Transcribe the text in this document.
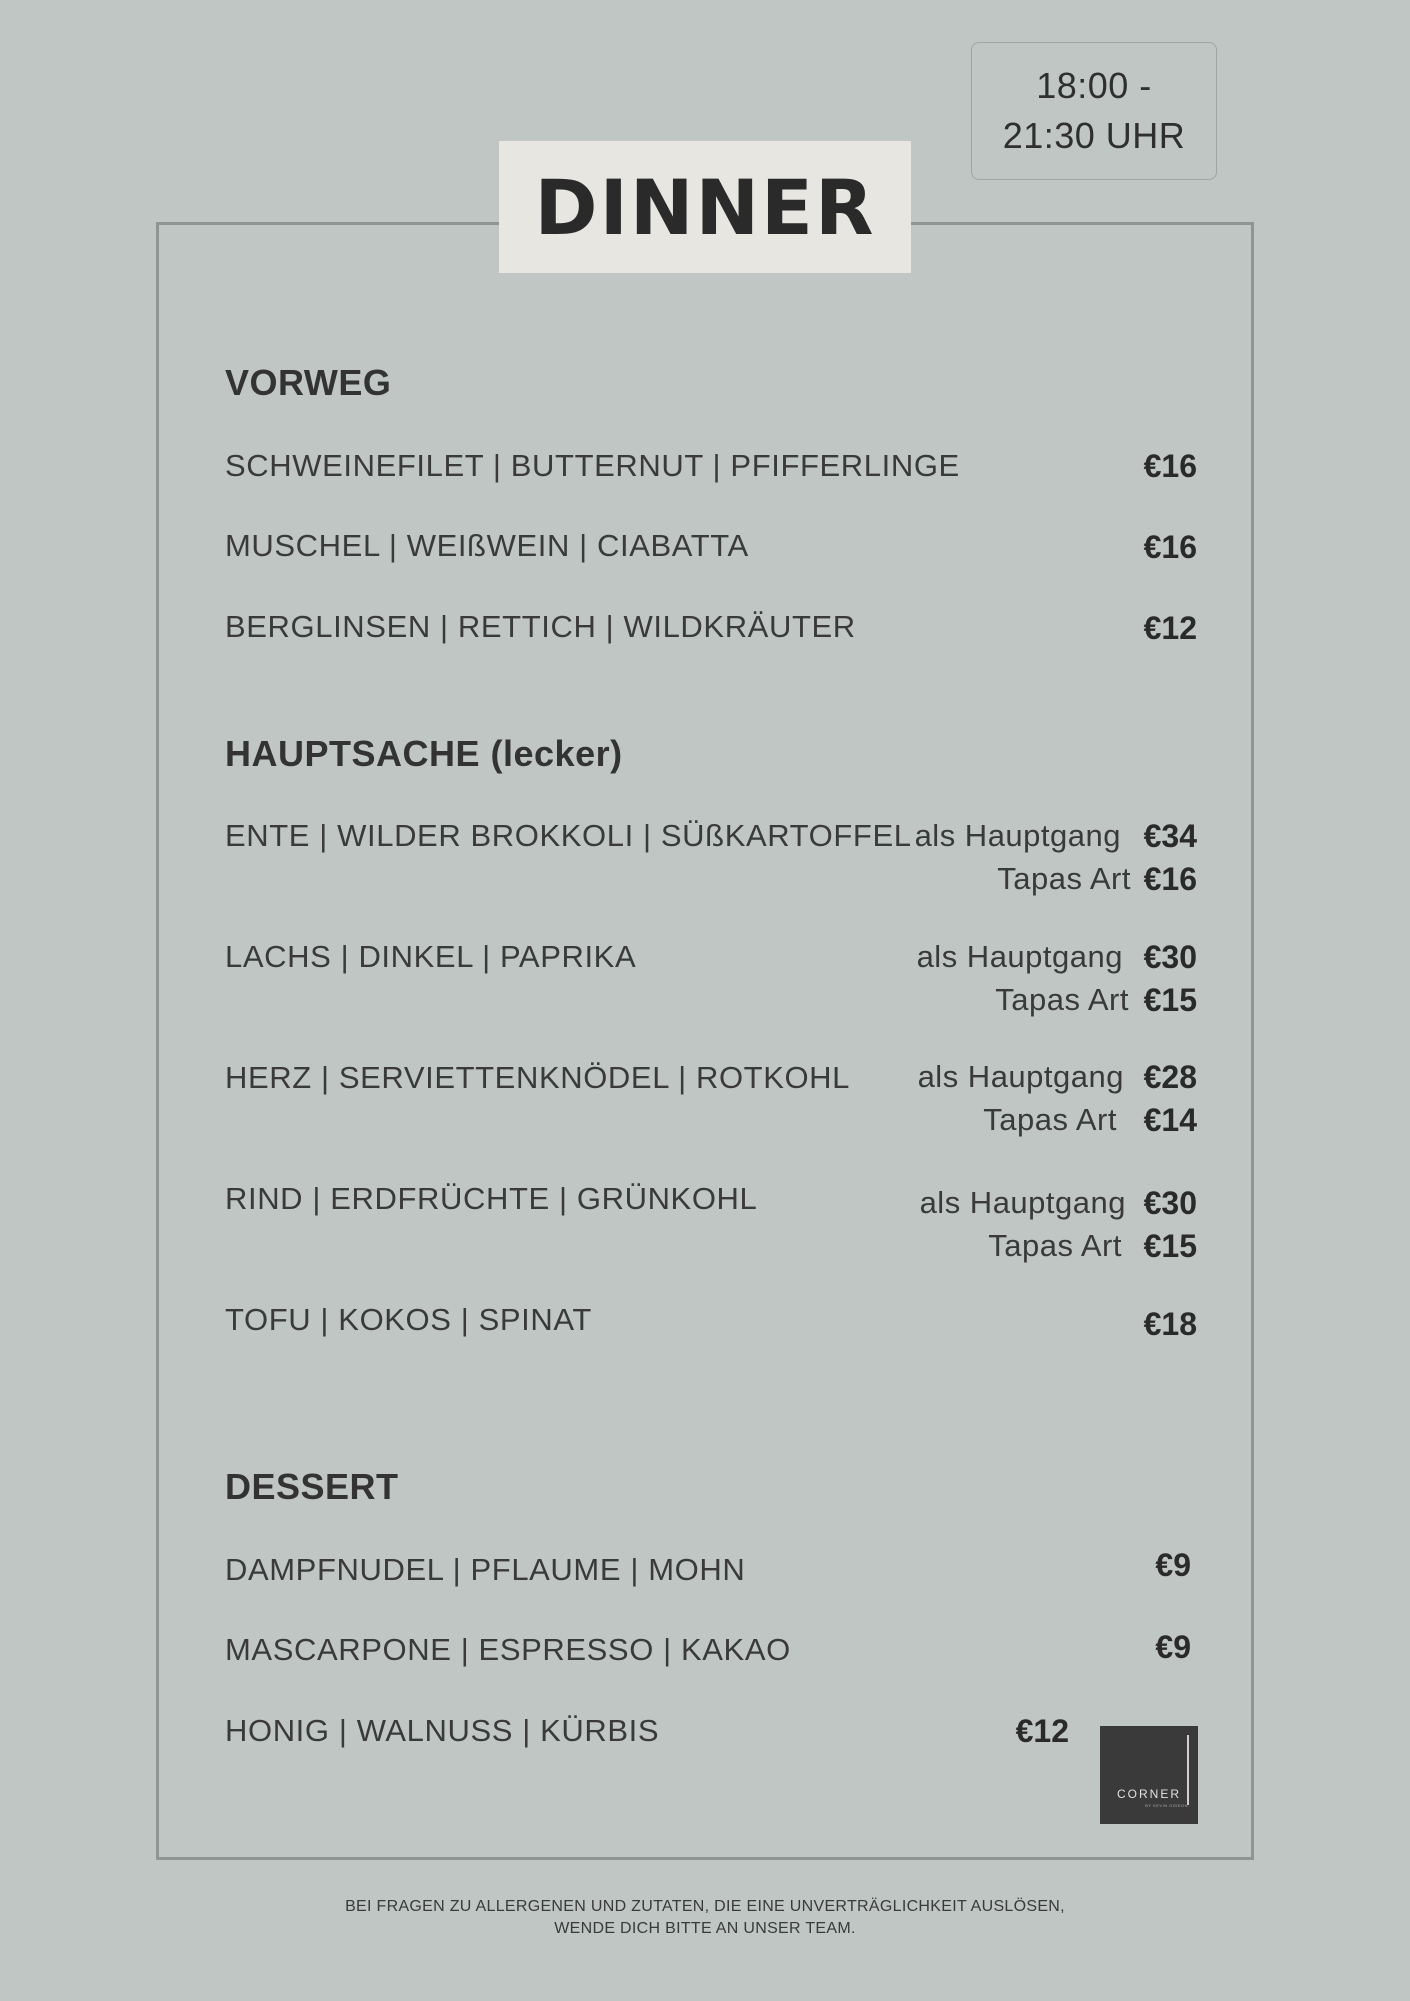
18:00 -
21:30 UHR
DINNER
VORWEG
SCHWEINEFILET | BUTTERNUT | PFIFFERLINGE	€16
MUSCHEL | WEIßWEIN | CIABATTA	€16
BERGLINSEN | RETTICH | WILDKRÄUTER	€12
HAUPTSACHE (lecker)
ENTE | WILDER BROKKOLI | SÜßKARTOFFEL als Hauptgang €34
Tapas Art €16
LACHS | DINKEL | PAPRIKA	als Hauptgang €30
Tapas Art €15
HERZ | SERVIETTENKNÖDEL | ROTKOHL als Hauptgang €28
Tapas Art €14
RIND | ERDFRÜCHTE | GRÜNKOHL	als Hauptgang €30
Tapas Art €15
TOFU | KOKOS | SPINAT	€18
DESSERT
DAMPFNUDEL | PFLAUME | MOHN	€9
MASCARPONE | ESPRESSO | KAKAO	€9
HONIG | WALNUSS | KÜRBIS	€12
CORNER
BY KEVIN GIDEON
BEI FRAGEN ZU ALLERGENEN UND ZUTATEN, DIE EINE UNVERTRÄGLICHKEIT AUSLÖSEN,
WENDE DICH BITTE AN UNSER TEAM.
